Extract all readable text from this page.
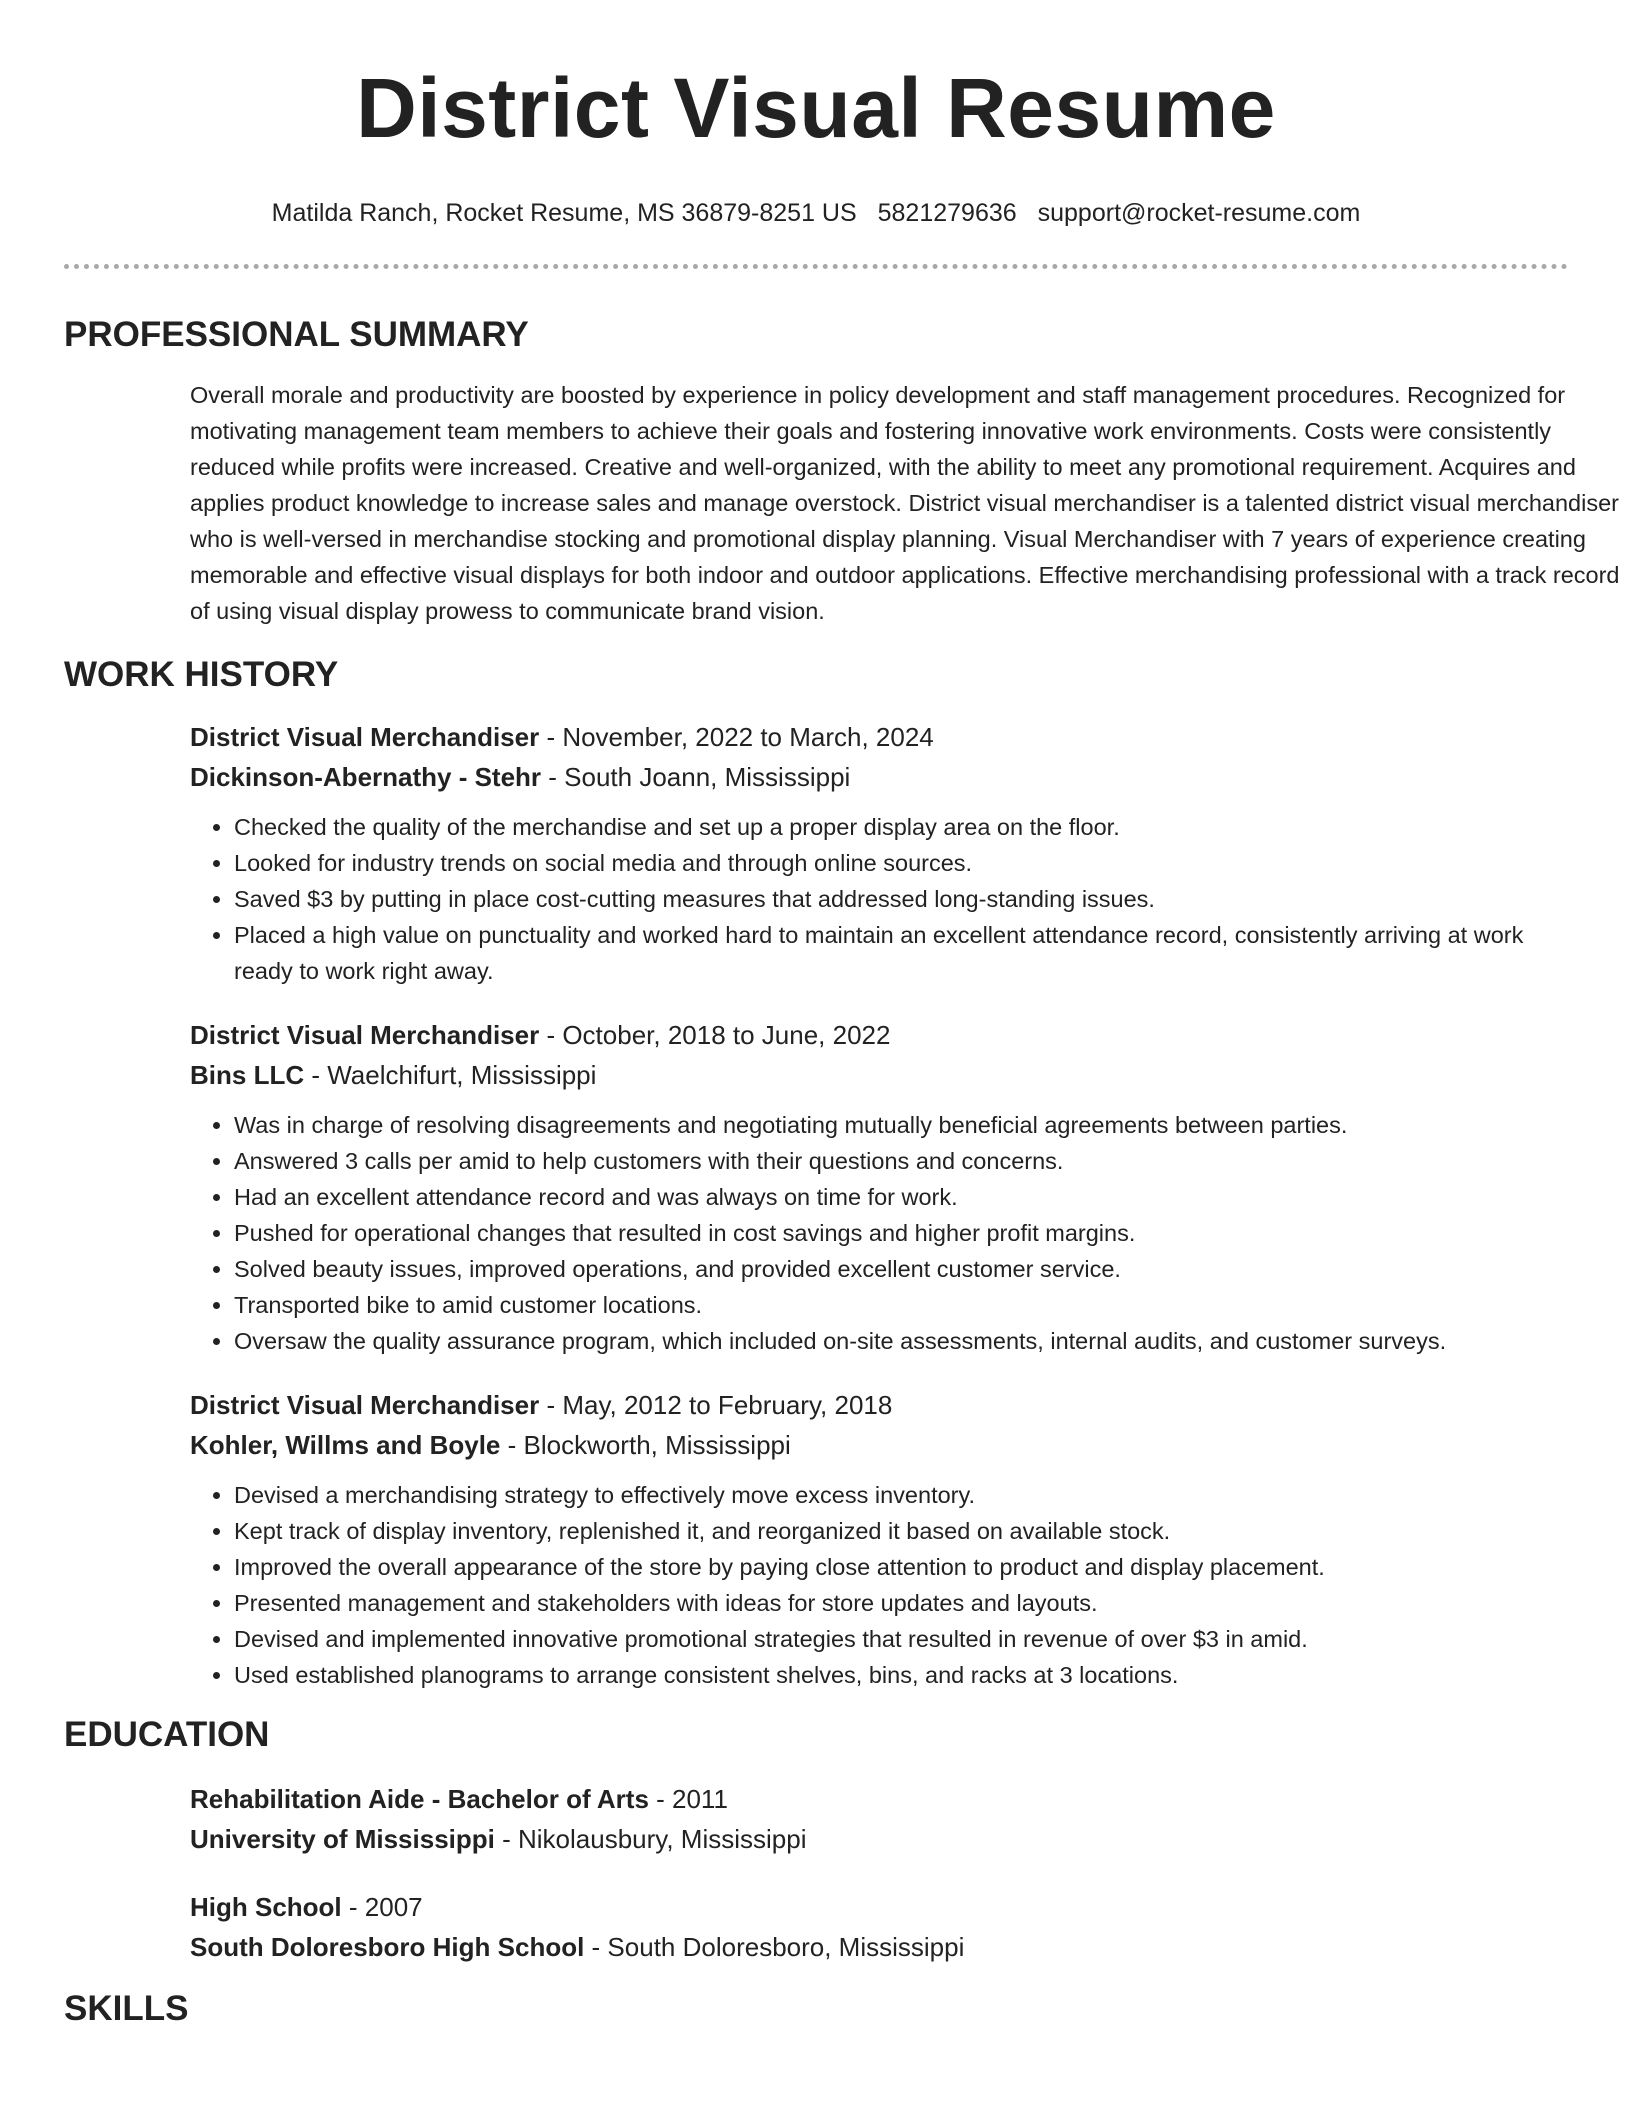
District Visual Resume
Matilda Ranch, Rocket Resume, MS 36879-8251 US 5821279636 support@rocket-resume.com
PROFESSIONAL SUMMARY

Overall morale and productivity are boosted by experience in policy development and staff management procedures. Recognized for motivating management team members to achieve their goals and fostering innovative work environments. Costs were consistently reduced while profits were increased. Creative and well-organized, with the ability to meet any promotional requirement. Acquires and applies product knowledge to increase sales and manage overstock. District visual merchandiser is a talented district visual merchandiser who is well-versed in merchandise stocking and promotional display planning. Visual Merchandiser with 7 years of experience creating memorable and effective visual displays for both indoor and outdoor applications. Effective merchandising professional with a track record of using visual display prowess to communicate brand vision.

WORK HISTORY
District Visual Merchandiser - November, 2022 to March, 2024
Dickinson-Abernathy - Stehr - South Joann, Mississippi
• Checked the quality of the merchandise and set up a proper display area on the floor.
• Looked for industry trends on social media and through online sources.
• Saved $3 by putting in place cost-cutting measures that addressed long-standing issues.
• Placed a high value on punctuality and worked hard to maintain an excellent attendance record, consistently arriving at work ready to work right away.
District Visual Merchandiser - October, 2018 to June, 2022
Bins LLC - Waelchifurt, Mississippi
• Was in charge of resolving disagreements and negotiating mutually beneficial agreements between parties.
• Answered 3 calls per amid to help customers with their questions and concerns.
• Had an excellent attendance record and was always on time for work.
• Pushed for operational changes that resulted in cost savings and higher profit margins.
• Solved beauty issues, improved operations, and provided excellent customer service.
• Transported bike to amid customer locations.
• Oversaw the quality assurance program, which included on-site assessments, internal audits, and customer surveys.
District Visual Merchandiser - May, 2012 to February, 2018
Kohler, Willms and Boyle - Blockworth, Mississippi
• Devised a merchandising strategy to effectively move excess inventory.
• Kept track of display inventory, replenished it, and reorganized it based on available stock.
• Improved the overall appearance of the store by paying close attention to product and display placement.
• Presented management and stakeholders with ideas for store updates and layouts.
• Devised and implemented innovative promotional strategies that resulted in revenue of over $3 in amid.
• Used established planograms to arrange consistent shelves, bins, and racks at 3 locations.
EDUCATION
Rehabilitation Aide - Bachelor of Arts - 2011
University of Mississippi - Nikolausbury, Mississippi
High School - 2007
South Doloresboro High School - South Doloresboro, Mississippi
SKILLS
